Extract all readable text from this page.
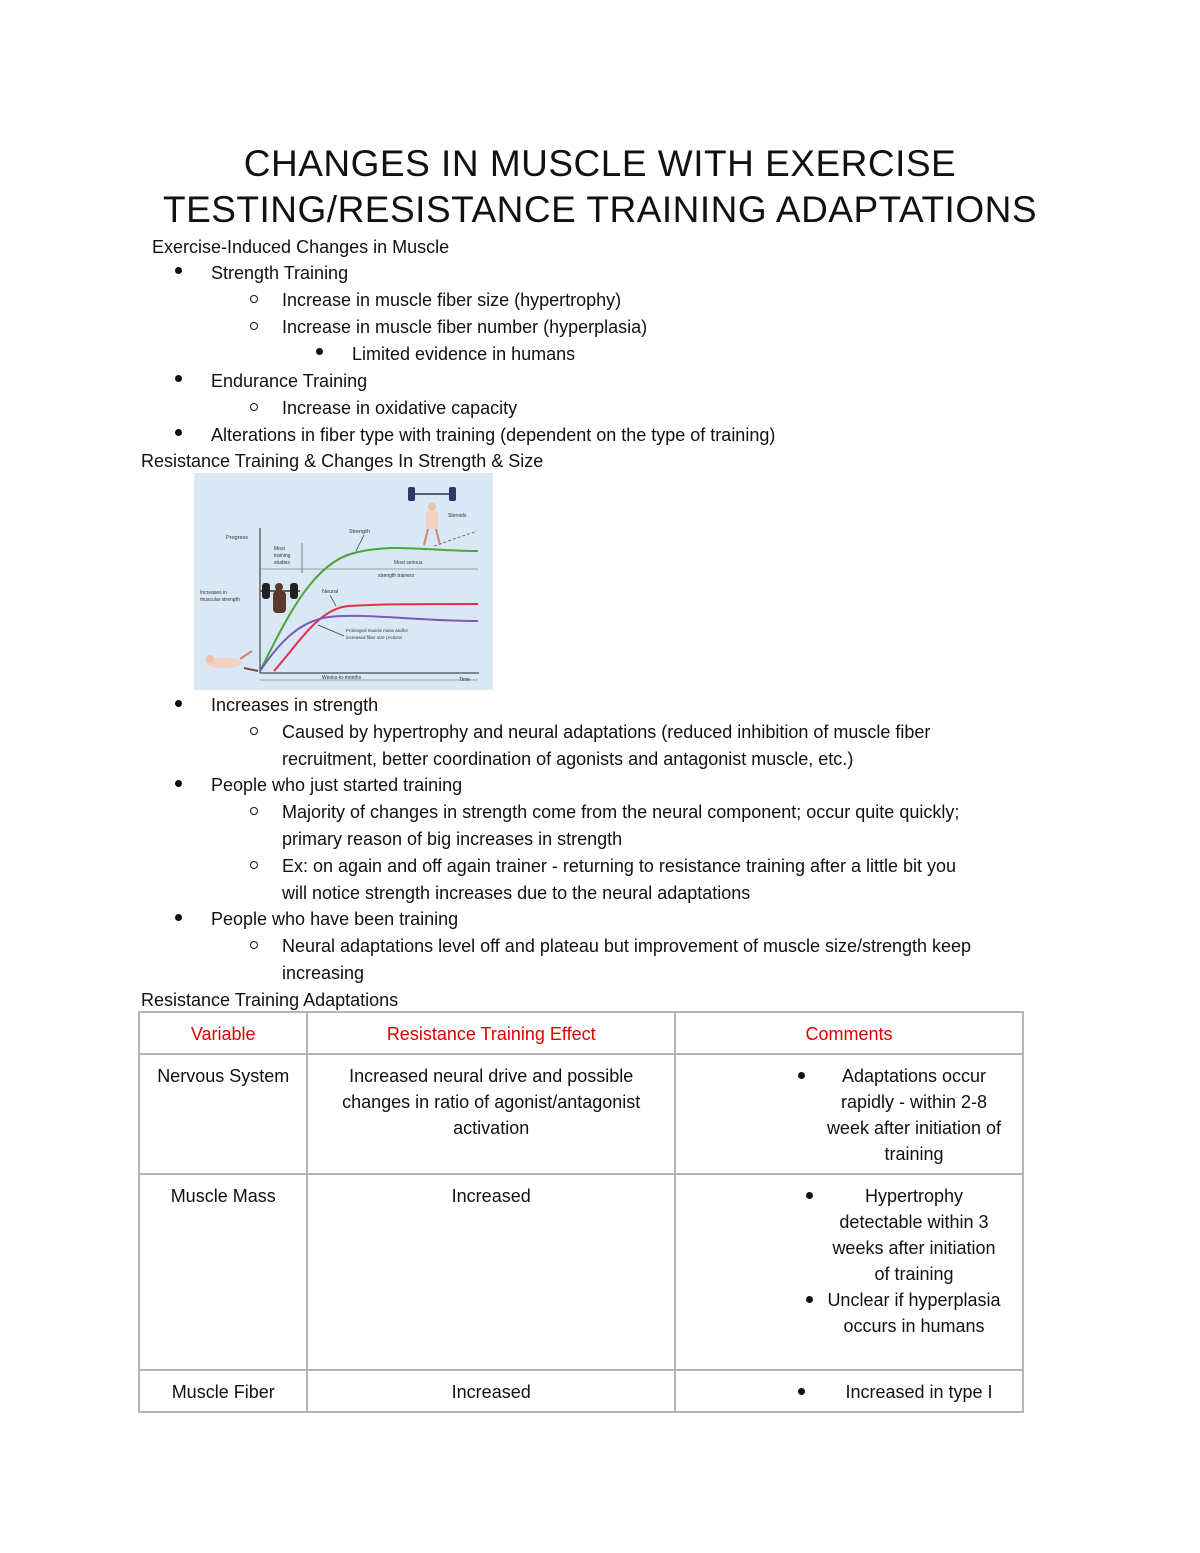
CHANGES IN MUSCLE WITH EXERCISE
TESTING/RESISTANCE TRAINING ADAPTATIONS
Exercise-Induced Changes in Muscle
Strength Training
Increase in muscle fiber size (hypertrophy)
Increase in muscle fiber number (hyperplasia)
Limited evidence in humans
Endurance Training
Increase in oxidative capacity
Alterations in fiber type with training (dependent on the type of training)
Resistance Training & Changes In Strength & Size
Progress
Increases in
muscular strength
Most
training
studies
Strength
Most serious
strength trainers
Neural
Prolonged muscle mass and/or
increased fiber size (Actions
Steroids
Weeks-to-months	Time
Increases in strength
Caused by hypertrophy and neural adaptations (reduced inhibition of muscle fiber
recruitment, better coordination of agonists and antagonist muscle, etc.)
People who just started training
Majority of changes in strength come from the neural component; occur quite quickly;
primary reason of big increases in strength
Ex: on again and off again trainer - returning to resistance training after a little bit you
will notice strength increases due to the neural adaptations
People who have been training
Neural adaptations level off and plateau but improvement of muscle size/strength keep
increasing
Resistance Training Adaptations
Variable	Resistance Training Effect	Comments
Nervous System	Increased neural drive and possible changes in ratio of agonist/antagonist activation	Adaptations occur rapidly - within 2-8 week after initiation of training

Muscle Mass	Increased	Hypertrophy detectable within 3 weeks after initiation of training
Unclear if hyperplasia occurs in humans

Muscle Fiber	Increased	Increased in type I
